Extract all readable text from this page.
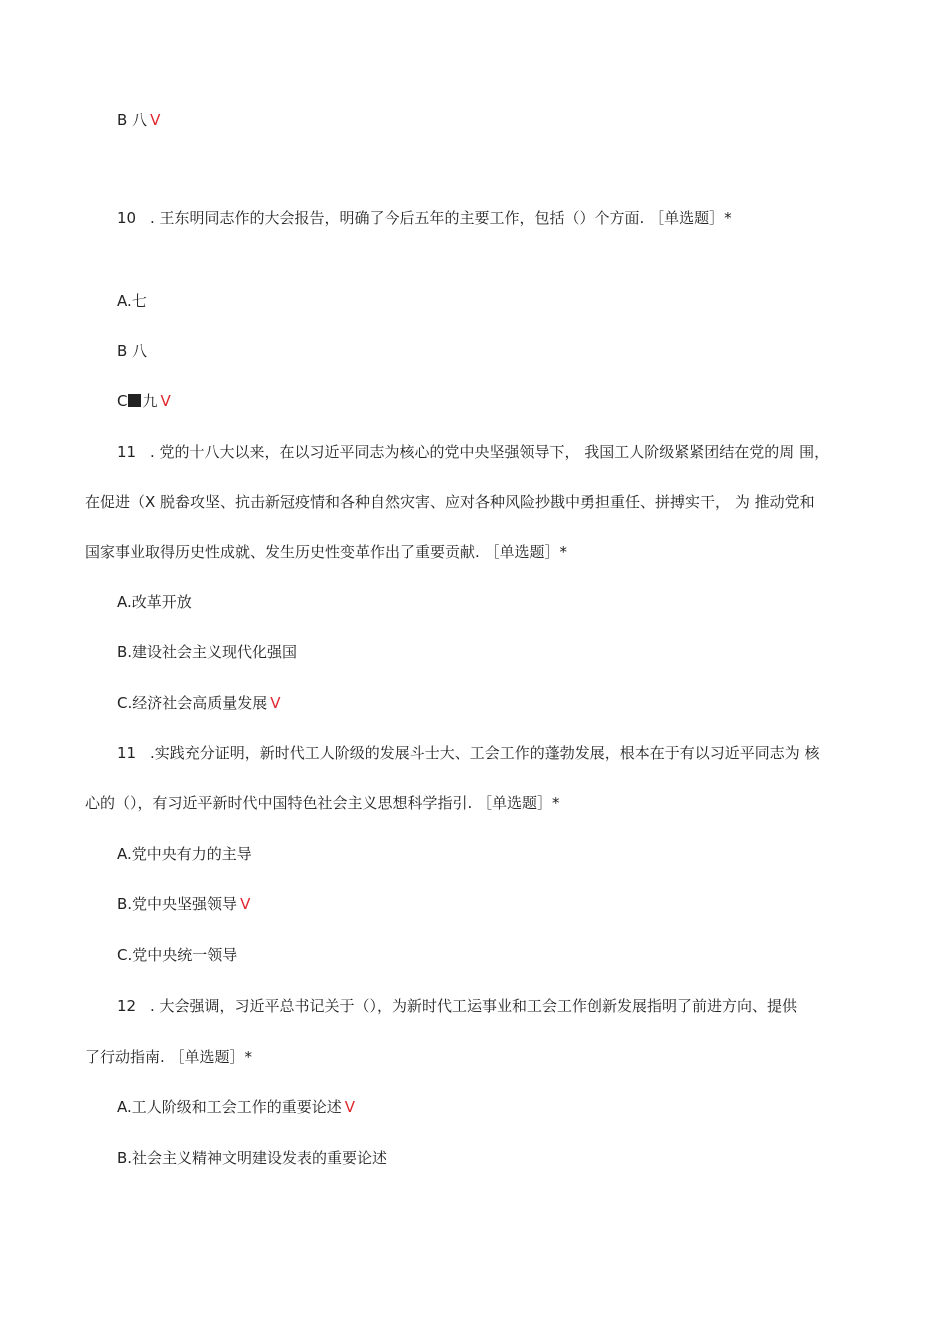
B 八 V
10 . 王东明同志作的大会报告，明确了今后五年的主要工作，包括（）个方面. ［单选题］*
A.七
B 八
C 九 V
11 . 党的十八大以来，在以习近平同志为核心的党中央坚强领导下， 我国工人阶级紧紧团结在党的周 围，
在促进（X 脱畚攻坚、抗击新冠疫情和各种自然灾害、应对各种风险抄戡中勇担重任、拼搏实干， 为 推动党和
国家事业取得历史性成就、发生历史性变革作出了重要贡献. ［单选题］*
A.改革开放
B.建设社会主义现代化强国
C.经济社会高质量发展 V
11 .实践充分证明，新时代工人阶级的发展斗士大、工会工作的蓬勃发展，根本在于有以习近平同志为 核
心的（），有习近平新时代中国特色社会主义思想科学指引. ［单选题］*
A.党中央有力的主导
B.党中央坚强领导 V
C.党中央统一领导
12 . 大会强调，习近平总书记关于（），为新时代工运事业和工会工作创新发展指明了前进方向、提供
了行动指南. ［单选题］*
A.工人阶级和工会工作的重要论述 V
B.社会主义精神文明建设发表的重要论述
